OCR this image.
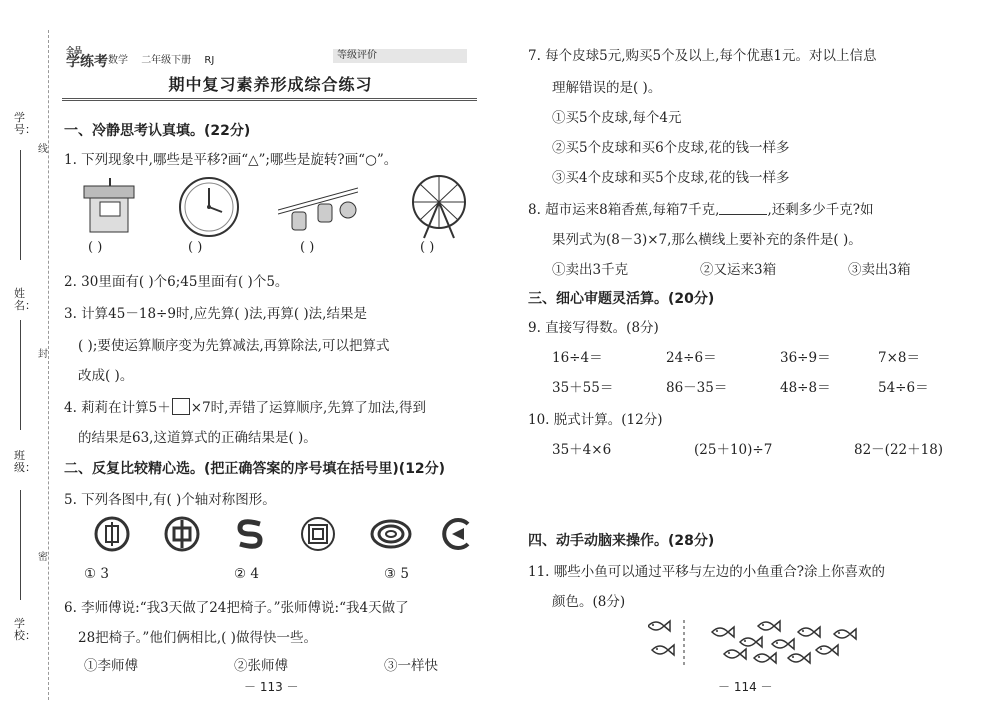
学号：
姓名：
班级：
学校：
线
封
密
全品
学练考 数学 二年级下册 RJ	等级评价
期中复习素养形成综合练习
一、冷静思考认真填。(22分)
1. 下列现象中,哪些是平移?画“△”;哪些是旋转?画“○”。
( )	( )	( )	( )
2. 30里面有( )个6;45里面有( )个5。
3. 计算45－18÷9时,应先算( )法,再算( )法,结果是
( );要使运算顺序变为先算减法,再算除法,可以把算式
改成( )。
4. 莉莉在计算5＋ ×7时,弄错了运算顺序,先算了加法,得到
的结果是63,这道算式的正确结果是( )。
二、反复比较精心选。(把正确答案的序号填在括号里)(12分)
5. 下列各图中,有( )个轴对称图形。
① 3	② 4	③ 5
6. 李师傅说:“我3天做了24把椅子。”张师傅说:“我4天做了
28把椅子。”他们俩相比,( )做得快一些。
①李师傅	②张师傅	③一样快
－ 113 －
7. 每个皮球5元,购买5个及以上,每个优惠1元。对以上信息
理解错误的是( )。
①买5个皮球,每个4元
②买5个皮球和买6个皮球,花的钱一样多
③买4个皮球和买5个皮球,花的钱一样多
8. 超市运来8箱香蕉,每箱7千克,	,还剩多少千克?如
果列式为(8－3)×7,那么横线上要补充的条件是( )。
①卖出3千克	②又运来3箱	③卖出3箱
三、细心审题灵活算。(20分)
9. 直接写得数。(8分)
16÷4＝	24÷6＝	36÷9＝	7×8＝
35＋55＝	86－35＝	48÷8＝	54÷6＝
10. 脱式计算。(12分)
35＋4×6	(25＋10)÷7	82－(22＋18)
四、动手动脑来操作。(28分)
11. 哪些小鱼可以通过平移与左边的小鱼重合?涂上你喜欢的
颜色。(8分)
－ 114 －
